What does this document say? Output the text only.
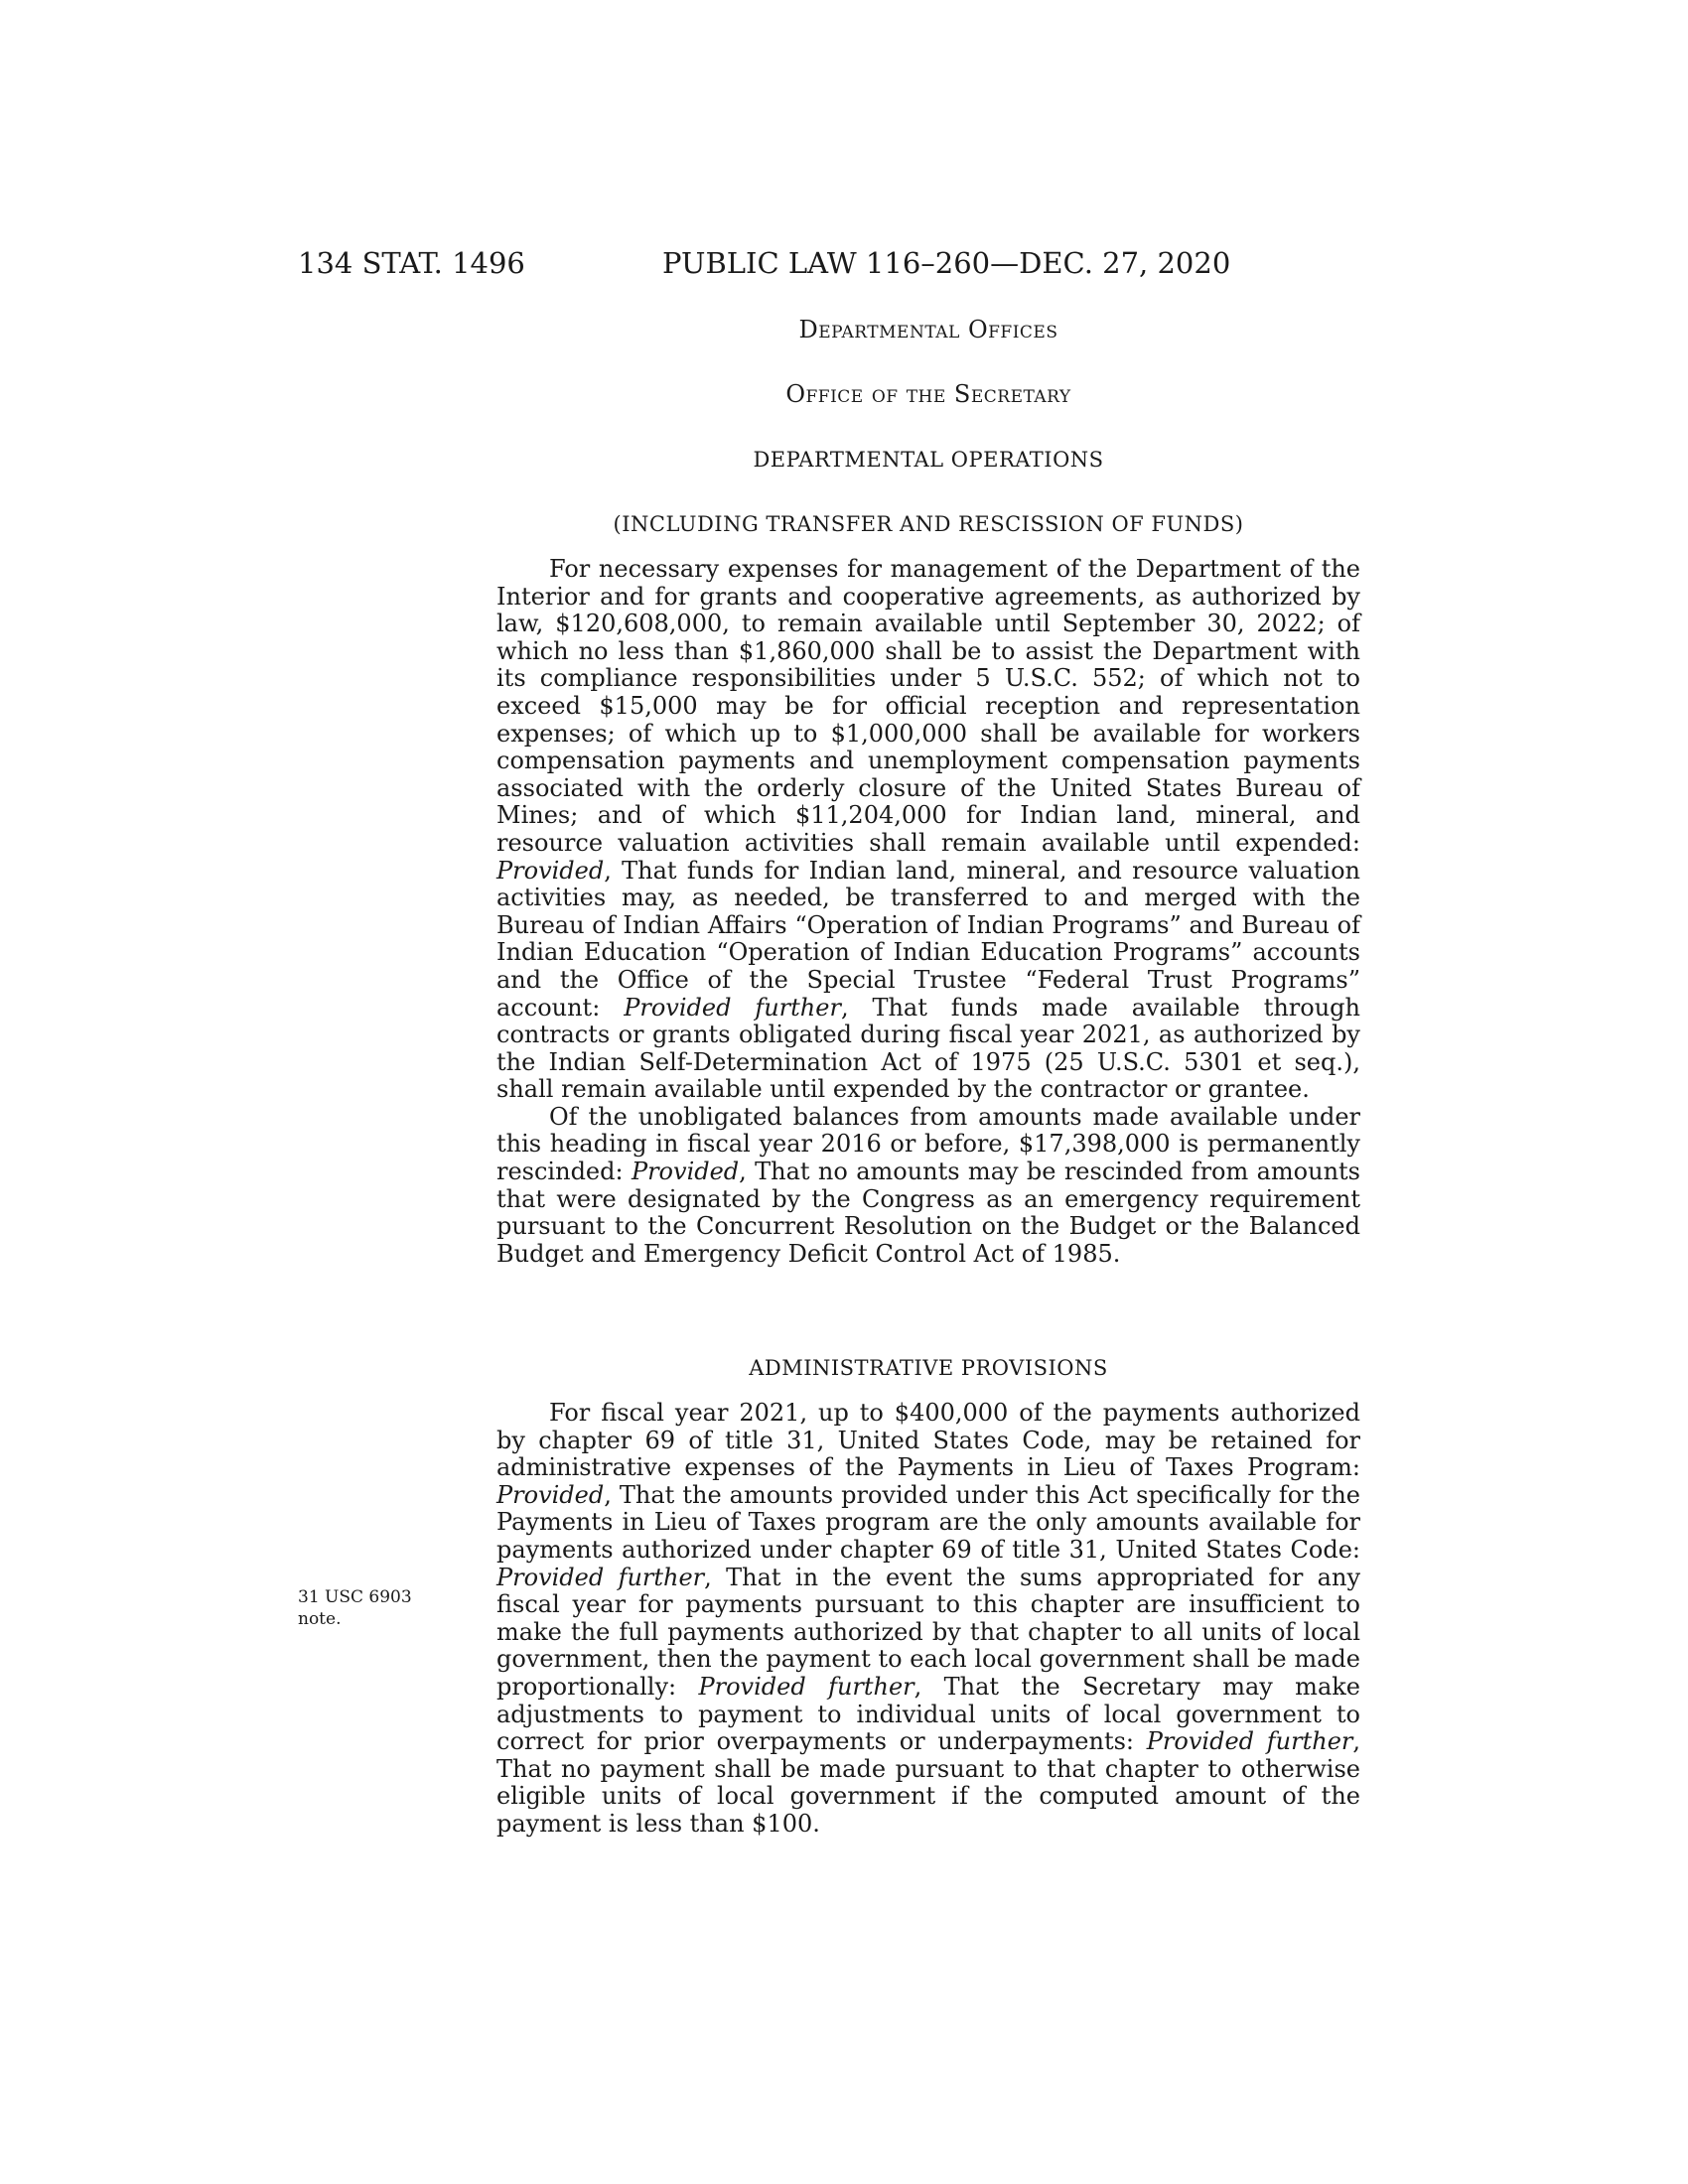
134 STAT. 1496	PUBLIC LAW 116–260—DEC. 27, 2020
Departmental Offices
Office of the Secretary
DEPARTMENTAL OPERATIONS
(INCLUDING TRANSFER AND RESCISSION OF FUNDS)

For necessary expenses for management of the Department of the Interior and for grants and cooperative agreements, as authorized by law, $120,608,000, to remain available until September 30, 2022; of which no less than $1,860,000 shall be to assist the Department with its compliance responsibilities under 5 U.S.C. 552; of which not to exceed $15,000 may be for official reception and representation expenses; of which up to $1,000,000 shall be available for workers compensation payments and unemployment compensation payments associated with the orderly closure of the United States Bureau of Mines; and of which $11,204,000 for Indian land, mineral, and resource valuation activities shall remain available until expended: Provided, That funds for Indian land, mineral, and resource valuation activities may, as needed, be transferred to and merged with the Bureau of Indian Affairs “Operation of Indian Programs” and Bureau of Indian Education “Operation of Indian Education Programs” accounts and the Office of the Special Trustee “Federal Trust Programs” account: Provided further, That funds made available through contracts or grants obligated during fiscal year 2021, as authorized by the Indian Self-Determination Act of 1975 (25 U.S.C. 5301 et seq.), shall remain available until expended by the contractor or grantee.

Of the unobligated balances from amounts made available under this heading in fiscal year 2016 or before, $17,398,000 is permanently rescinded: Provided, That no amounts may be rescinded from amounts that were designated by the Congress as an emergency requirement pursuant to the Concurrent Resolution on the Budget or the Balanced Budget and Emergency Deficit Control Act of 1985.

ADMINISTRATIVE PROVISIONS

For fiscal year 2021, up to $400,000 of the payments authorized by chapter 69 of title 31, United States Code, may be retained for administrative expenses of the Payments in Lieu of Taxes Program: Provided, That the amounts provided under this Act specifically for the Payments in Lieu of Taxes program are the only amounts available for payments authorized under chapter 69 of title 31, United States Code: Provided further, That in the event the sums appropriated for any fiscal year for payments pursuant to this chapter are insufficient to make the full payments authorized by that chapter to all units of local government, then the payment to each local government shall be made proportionally: Provided further, That the Secretary may make adjustments to payment to individual units of local government to correct for prior overpayments or underpayments: Provided further, That no payment shall be made pursuant to that chapter to otherwise eligible units of local government if the computed amount of the payment is less than $100.

31 USC 6903
note.
